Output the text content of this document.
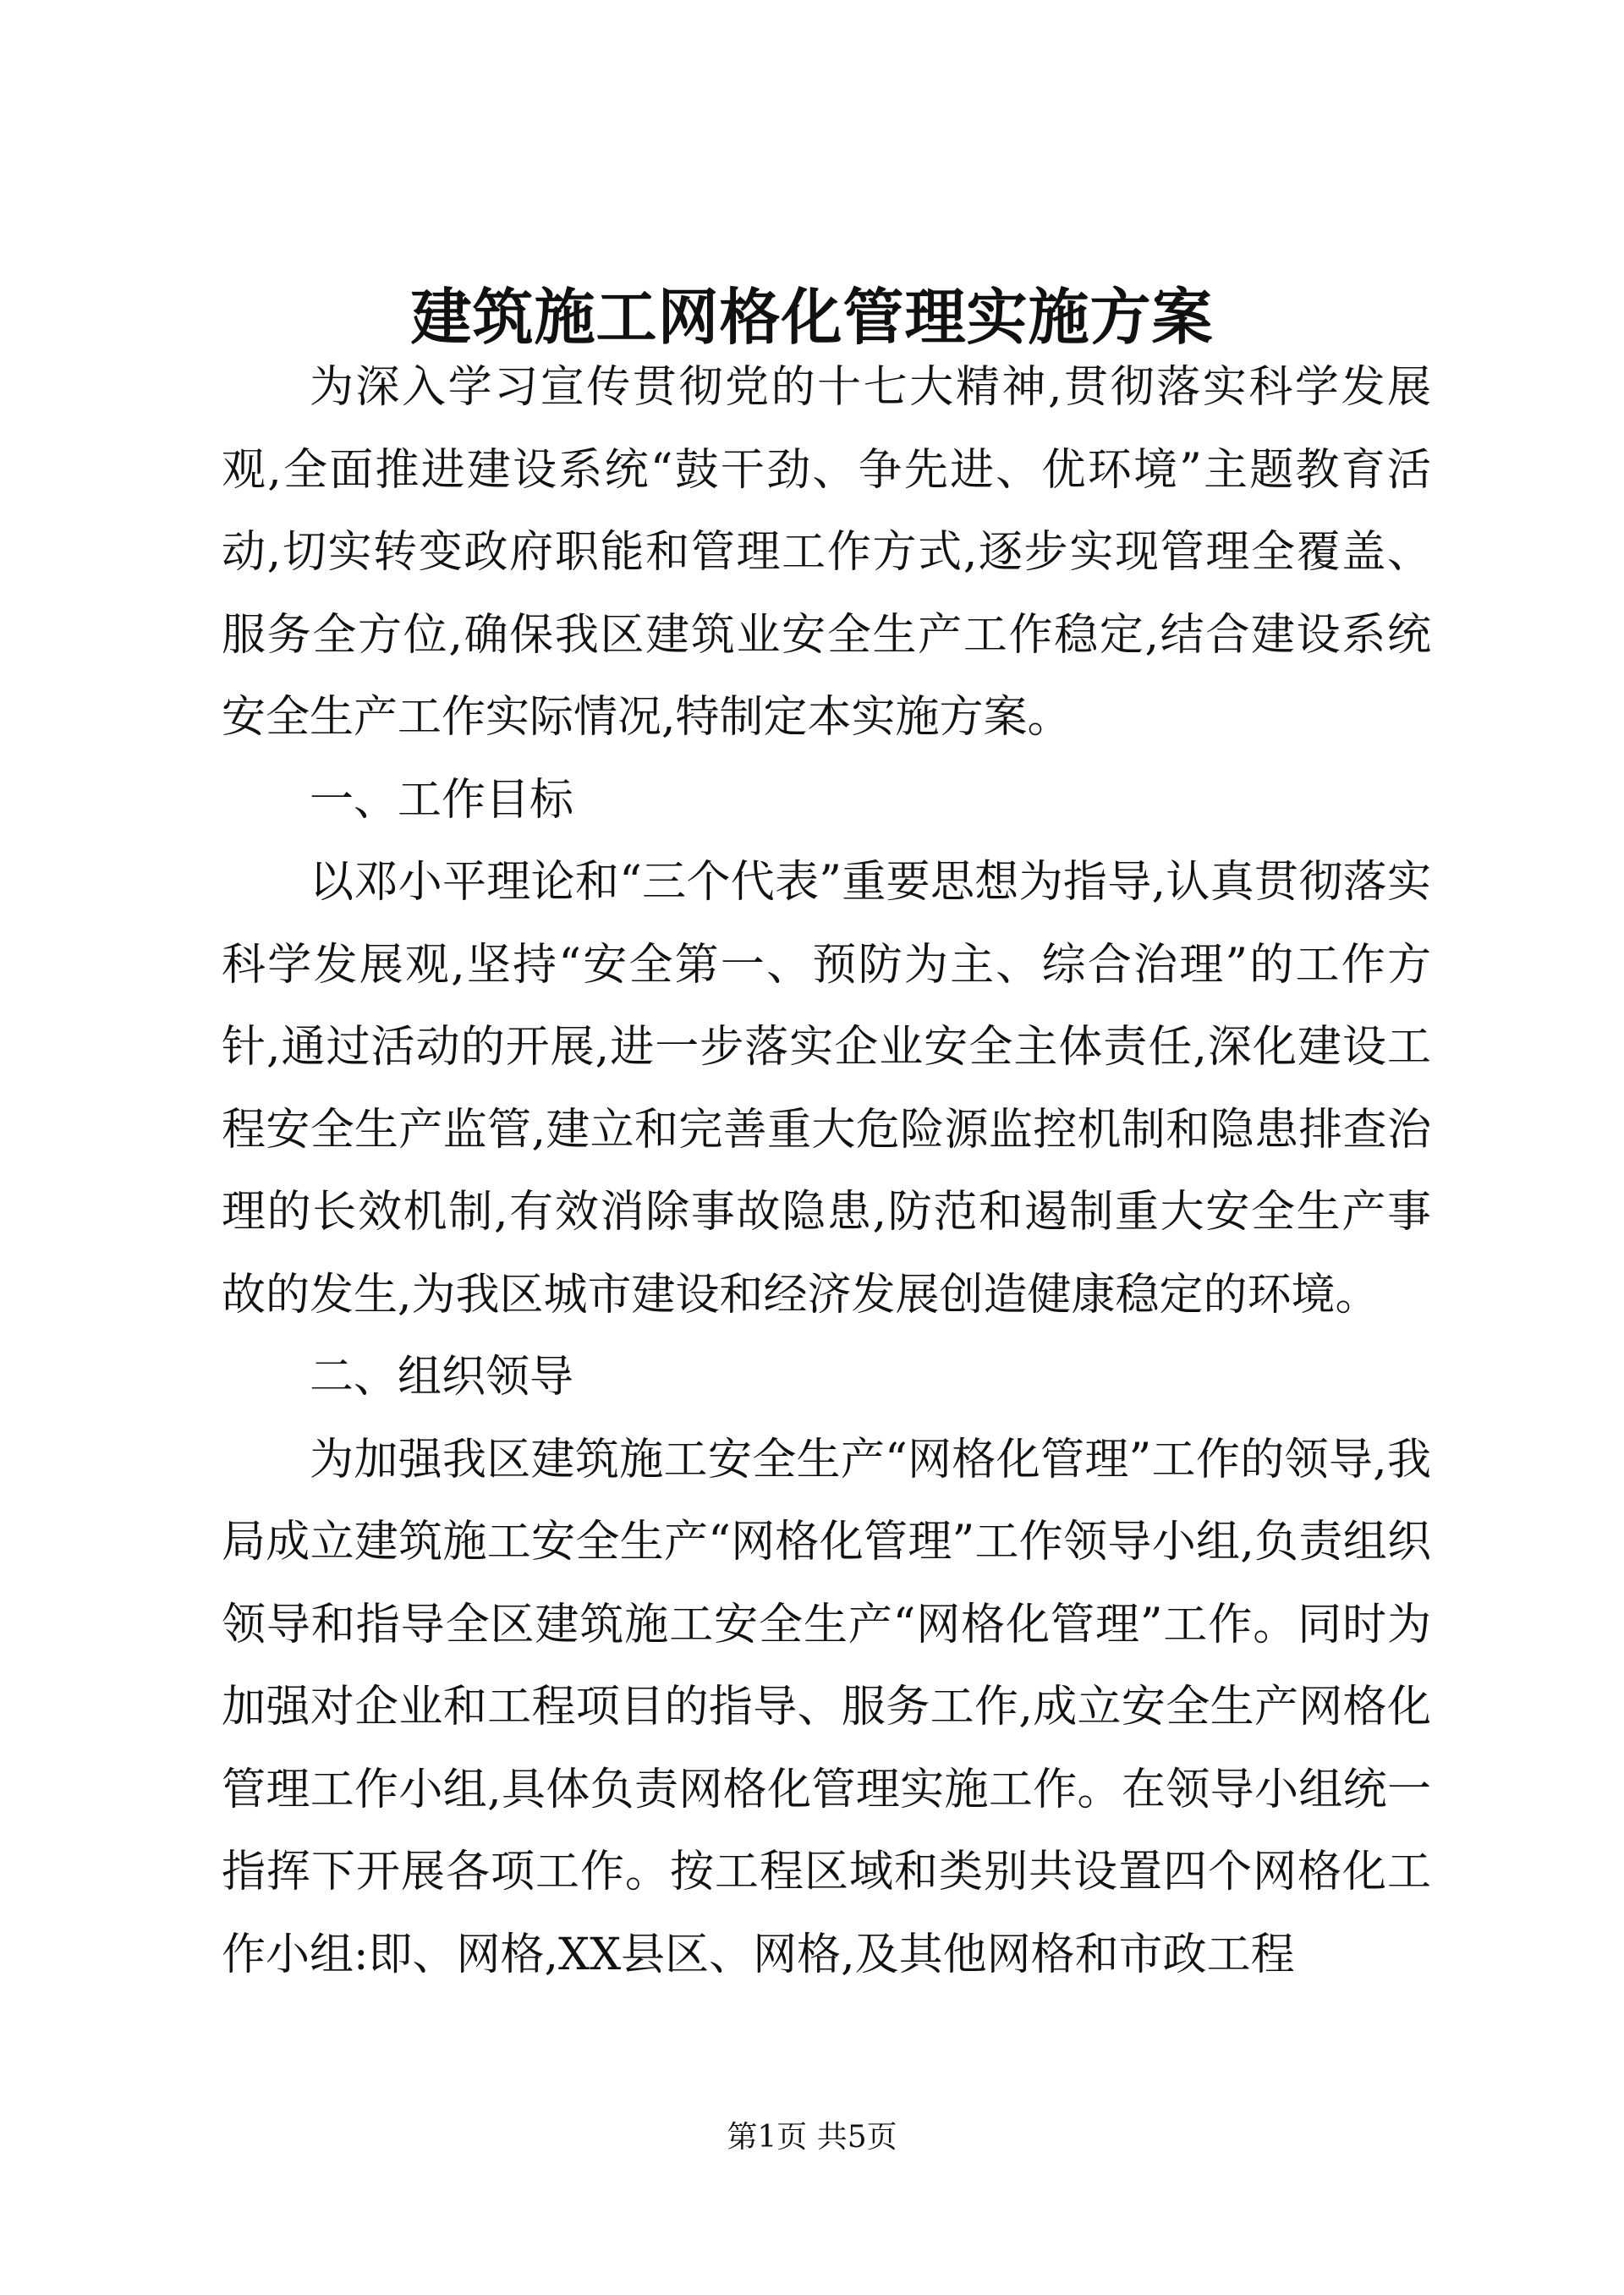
建筑施工网格化管理实施方案

为深入学习宣传贯彻党的十七大精神,贯彻落实科学发展观,全面推进建设系统“鼓干劲、争先进、优环境”主题教育活动,切实转变政府职能和管理工作方式,逐步实现管理全覆盖、服务全方位,确保我区建筑业安全生产工作稳定,结合建设系统安全生产工作实际情况,特制定本实施方案。

一、工作目标

以邓小平理论和“三个代表”重要思想为指导,认真贯彻落实科学发展观,坚持“安全第一、预防为主、综合治理”的工作方针,通过活动的开展,进一步落实企业安全主体责任,深化建设工程安全生产监管,建立和完善重大危险源监控机制和隐患排查治理的长效机制,有效消除事故隐患,防范和遏制重大安全生产事故的发生,为我区城市建设和经济发展创造健康稳定的环境。

二、组织领导

为加强我区建筑施工安全生产“网格化管理”工作的领导,我局成立建筑施工安全生产“网格化管理”工作领导小组,负责组织领导和指导全区建筑施工安全生产“网格化管理”工作。同时为加强对企业和工程项目的指导、服务工作,成立安全生产网格化管理工作小组,具体负责网格化管理实施工作。在领导小组统一指挥下开展各项工作。按工程区域和类别共设置四个网格化工作小组:即、网格,XX县区、网格,及其他网格和市政工程

第1页 共5页
